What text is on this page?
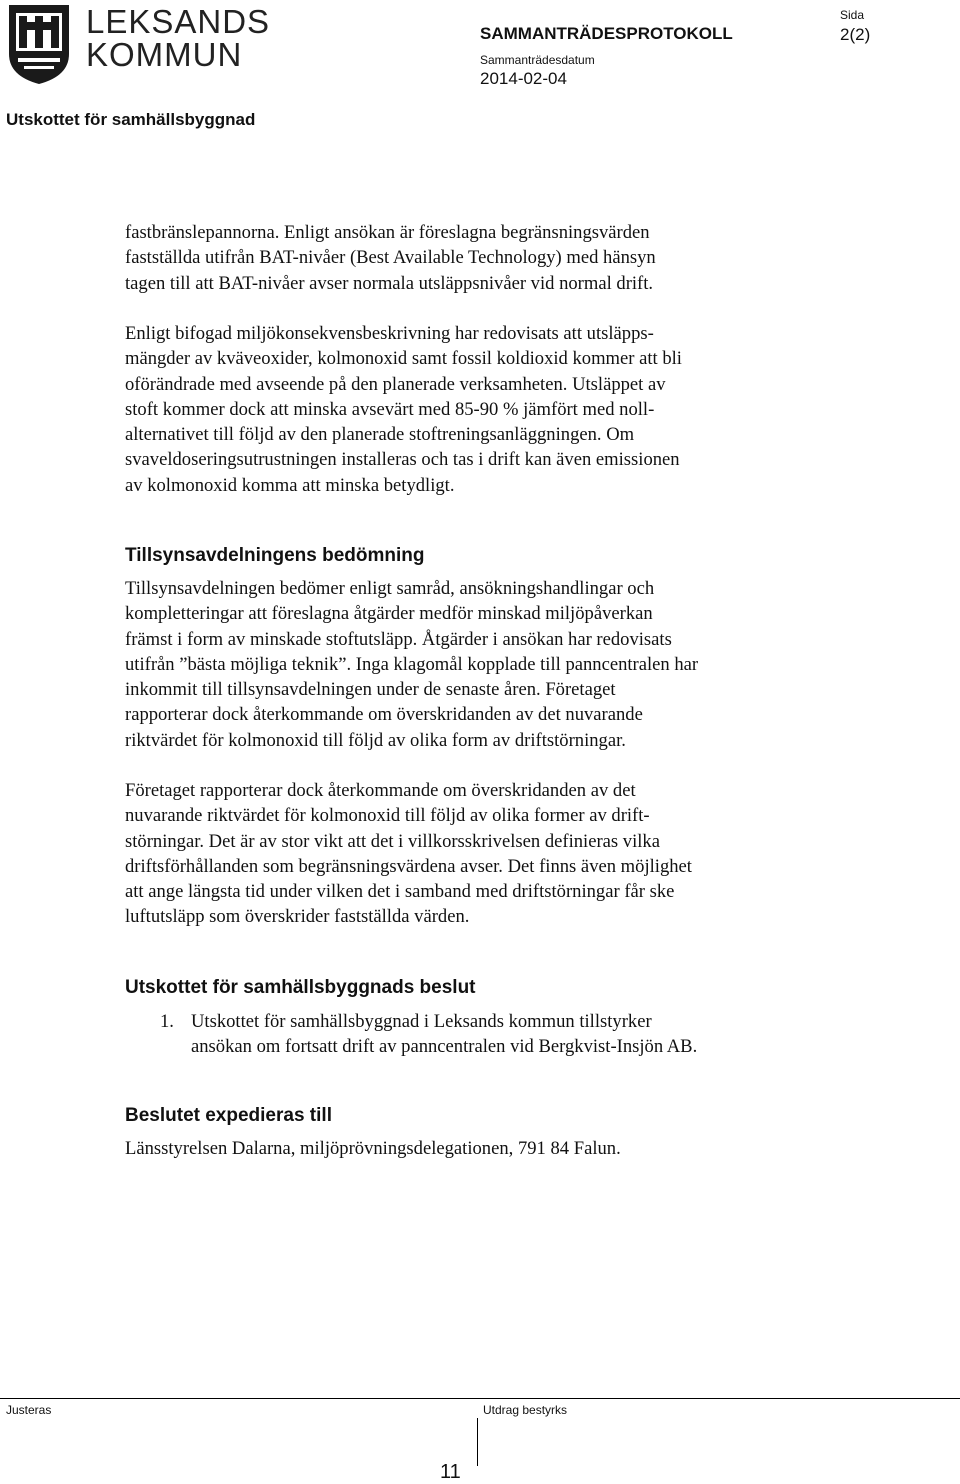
LEKSANDS
KOMMUN
SAMMANTRÄDESPROTOKOLL
Sida
2(2)
Sammanträdesdatum
2014-02-04
Utskottet för samhällsbyggnad
fastbränslepannorna. Enligt ansökan är föreslagna begränsningsvärden
fastställda utifrån BAT-nivåer (Best Available Technology) med hänsyn
tagen till att BAT-nivåer avser normala utsläppsnivåer vid normal drift.
Enligt bifogad miljökonsekvensbeskrivning har redovisats att utsläpps-
mängder av kväveoxider, kolmonoxid samt fossil koldioxid kommer att bli
oförändrade med avseende på den planerade verksamheten. Utsläppet av
stoft kommer dock att minska avsevärt med 85-90 % jämfört med noll-
alternativet till följd av den planerade stoftreningsanläggningen. Om
svaveldoseringsutrustningen installeras och tas i drift kan även emissionen
av kolmonoxid komma att minska betydligt.
Tillsynsavdelningens bedömning
Tillsynsavdelningen bedömer enligt samråd, ansökningshandlingar och
kompletteringar att föreslagna åtgärder medför minskad miljöpåverkan
främst i form av minskade stoftutsläpp. Åtgärder i ansökan har redovisats
utifrån ”bästa möjliga teknik”. Inga klagomål kopplade till panncentralen har
inkommit till tillsynsavdelningen under de senaste åren. Företaget
rapporterar dock återkommande om överskridanden av det nuvarande
riktvärdet för kolmonoxid till följd av olika form av driftstörningar.
Företaget rapporterar dock återkommande om överskridanden av det
nuvarande riktvärdet för kolmonoxid till följd av olika former av drift-
störningar. Det är av stor vikt att det i villkorsskrivelsen definieras vilka
driftsförhållanden som begränsningsvärdena avser. Det finns även möjlighet
att ange längsta tid under vilken det i samband med driftstörningar får ske
luftutsläpp som överskrider fastställda värden.
Utskottet för samhällsbyggnads beslut
1. Utskottet för samhällsbyggnad i Leksands kommun tillstyrker
ansökan om fortsatt drift av panncentralen vid Bergkvist-Insjön AB.
Beslutet expedieras till
Länsstyrelsen Dalarna, miljöprövningsdelegationen, 791 84 Falun.
Justeras	Utdrag bestyrks
11
